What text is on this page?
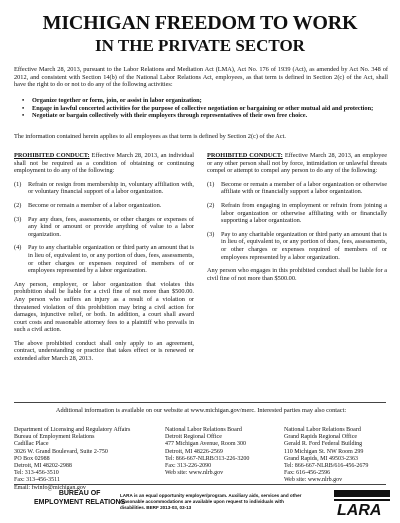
MICHIGAN FREEDOM TO WORK
IN THE PRIVATE SECTOR
Effective March 28, 2013, pursuant to the Labor Relations and Mediation Act (LMA), Act No. 176 of 1939 (Act), as amended by Act No. 348 of 2012, and consistent with Section 14(b) of the National Labor Relations Act, employees, as that term is defined in Section 2(c) of the Act, shall have the right to do or not to do any of the following activities:
• Organize together or form, join, or assist in labor organization;
• Engage in lawful concerted activities for the purpose of collective negotiation or bargaining or other mutual aid and protection;
• Negotiate or bargain collectively with their employers through representatives of their own free choice.
The information contained herein applies to all employees as that term is defined by Section 2(c) of the Act.

PROHIBITED CONDUCT: Effective March 28, 2013, an individual shall not be required as a condition of obtaining or continuing employment to do any of the following:

(1)	Refrain or resign from membership in, voluntary affiliation with, or voluntary financial support of a labor organization.
(2)	Become or remain a member of a labor organization.
(3)	Pay any dues, fees, assessments, or other charges or expenses of any kind or amount or provide anything of value to a labor organization.
(4)	Pay to any charitable organization or third party an amount that is in lieu of, equivalent to, or any portion of dues, fees, assessments, or other charges or expenses required of members of or employees represented by a labor organization.

Any person, employer, or labor organization that violates this prohibition shall be liable for a civil fine of not more than $500.00. Any person who suffers an injury as a result of a violation or threatened violation of this prohibition may bring a civil action for damages, injunctive relief, or both. In addition, a court shall award court costs and reasonable attorney fees to a plaintiff who prevails in such a civil action.

The above prohibited conduct shall only apply to an agreement, contract, understanding or practice that takes effect or is renewed or extended after March 28, 2013.

PROHIBITED CONDUCT: Effective March 28, 2013, an employee or any other person shall not by force, intimidation or unlawful threats compel or attempt to compel any person to do any of the following:

(1)	Become or remain a member of a labor organization or otherwise affiliate with or financially support a labor organization.
(2)	Refrain from engaging in employment or refrain from joining a labor organization or otherwise affiliating with or financially supporting a labor organization.
(3)	Pay to any charitable organization or third party an amount that is in lieu of, equivalent to, or any portion of dues, fees, assessments, or other charges or expenses required of members of or employees represented by a labor organization.

Any person who engages in this prohibited conduct shall be liable for a civil fine of not more than $500.00.

Additional information is available on our website at www.michigan.gov/merc. Interested parties may also contact:
Department of Licensing and Regulatory Affairs
Bureau of Employment Relations
Cadillac Place
3026 W. Grand Boulevard, Suite 2-750
PO Box 02988
Detroit, MI 48202-2988
Tel: 313-456-3510
Fax: 313-456-3511
Email: fwinfo@michigan.gov
National Labor Relations Board
Detroit Regional Office
477 Michigan Avenue, Room 300
Detroit, MI 48226-2569
Tel: 866-667-NLRB/313-226-3200
Fax: 313-226-2090
Web site: www.nlrb.gov
National Labor Relations Board
Grand Rapids Regional Office
Gerald R. Ford Federal Building
110 Michigan St. NW Room 299
Grand Rapids, MI 49503-2363
Tel: 866-667-NLRB/616-456-2679
Fax: 616-456-2596
Web site: www.nlrb.gov
BUREAU OF
EMPLOYMENT RELATIONS
LARA is an equal opportunity employer/program. Auxiliary aids, services and other reasonable accommodations are available upon request to individuals with disabilities. BERF 2013-03, 03-13	LARA
